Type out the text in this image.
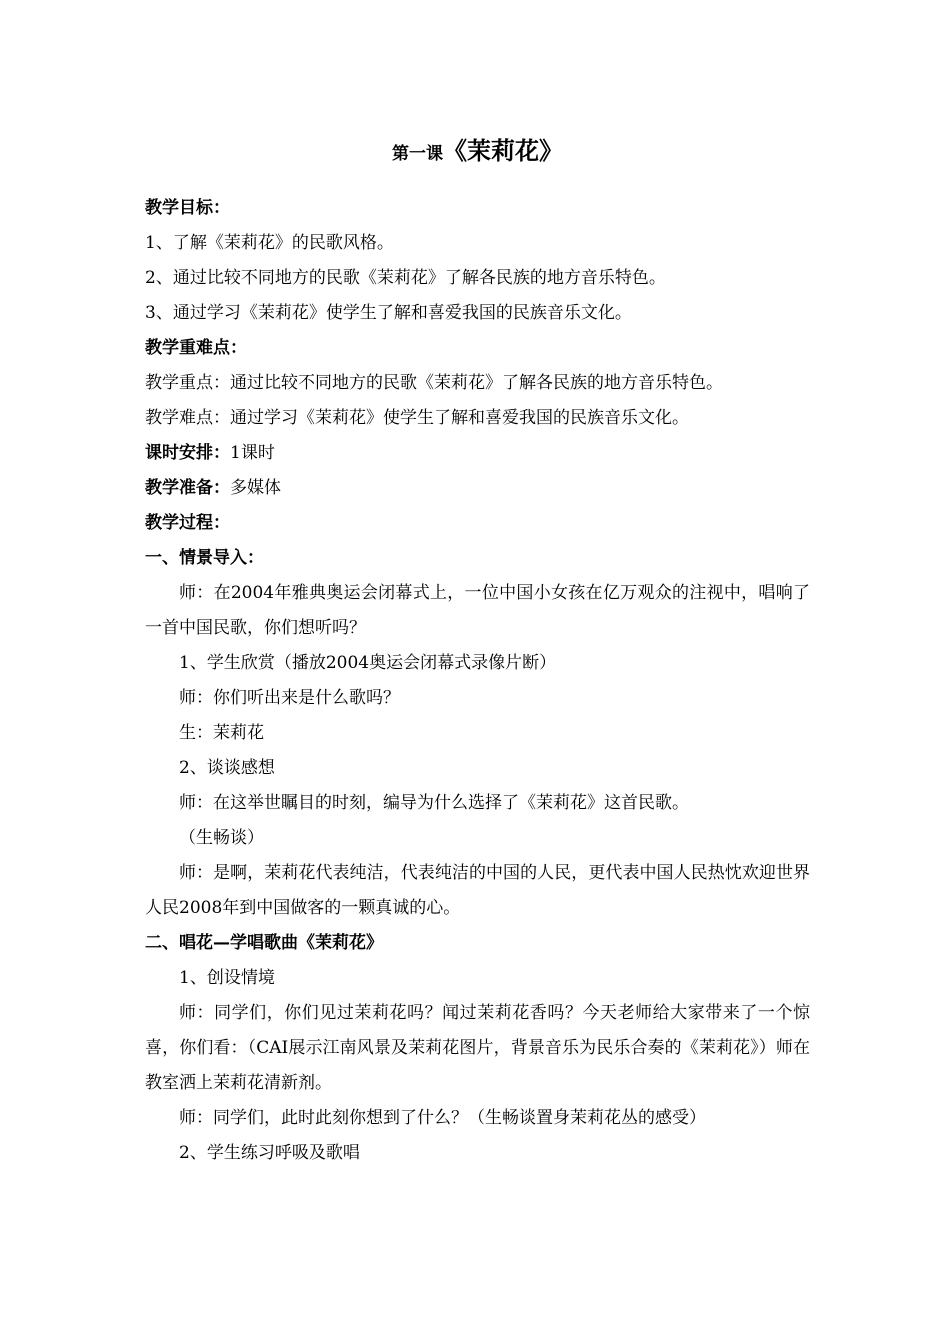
第一课《茉莉花》

教学目标：

1、了解《茉莉花》的民歌风格。

2、通过比较不同地方的民歌《茉莉花》了解各民族的地方音乐特色。

3、通过学习《茉莉花》使学生了解和喜爱我国的民族音乐文化。

教学重难点：

教学重点：通过比较不同地方的民歌《茉莉花》了解各民族的地方音乐特色。

教学难点：通过学习《茉莉花》使学生了解和喜爱我国的民族音乐文化。

课时安排：1课时

教学准备：多媒体

教学过程：

一、情景导入：

师：在2004年雅典奥运会闭幕式上，一位中国小女孩在亿万观众的注视中，唱响了一首中国民歌，你们想听吗？

1、学生欣赏（播放2004奥运会闭幕式录像片断）

师：你们听出来是什么歌吗？

生：茉莉花

2、谈谈感想

师：在这举世瞩目的时刻，编导为什么选择了《茉莉花》这首民歌。

（生畅谈）

师：是啊，茉莉花代表纯洁，代表纯洁的中国的人民，更代表中国人民热忱欢迎世界人民2008年到中国做客的一颗真诚的心。

二、唱花—学唱歌曲《茉莉花》

1、创设情境

师：同学们，你们见过茉莉花吗？闻过茉莉花香吗？今天老师给大家带来了一个惊喜，你们看：（CAI展示江南风景及茉莉花图片，背景音乐为民乐合奏的《茉莉花》）师在教室洒上茉莉花清新剂。

师：同学们，此时此刻你想到了什么？（生畅谈置身茉莉花丛的感受）

2、学生练习呼吸及歌唱
